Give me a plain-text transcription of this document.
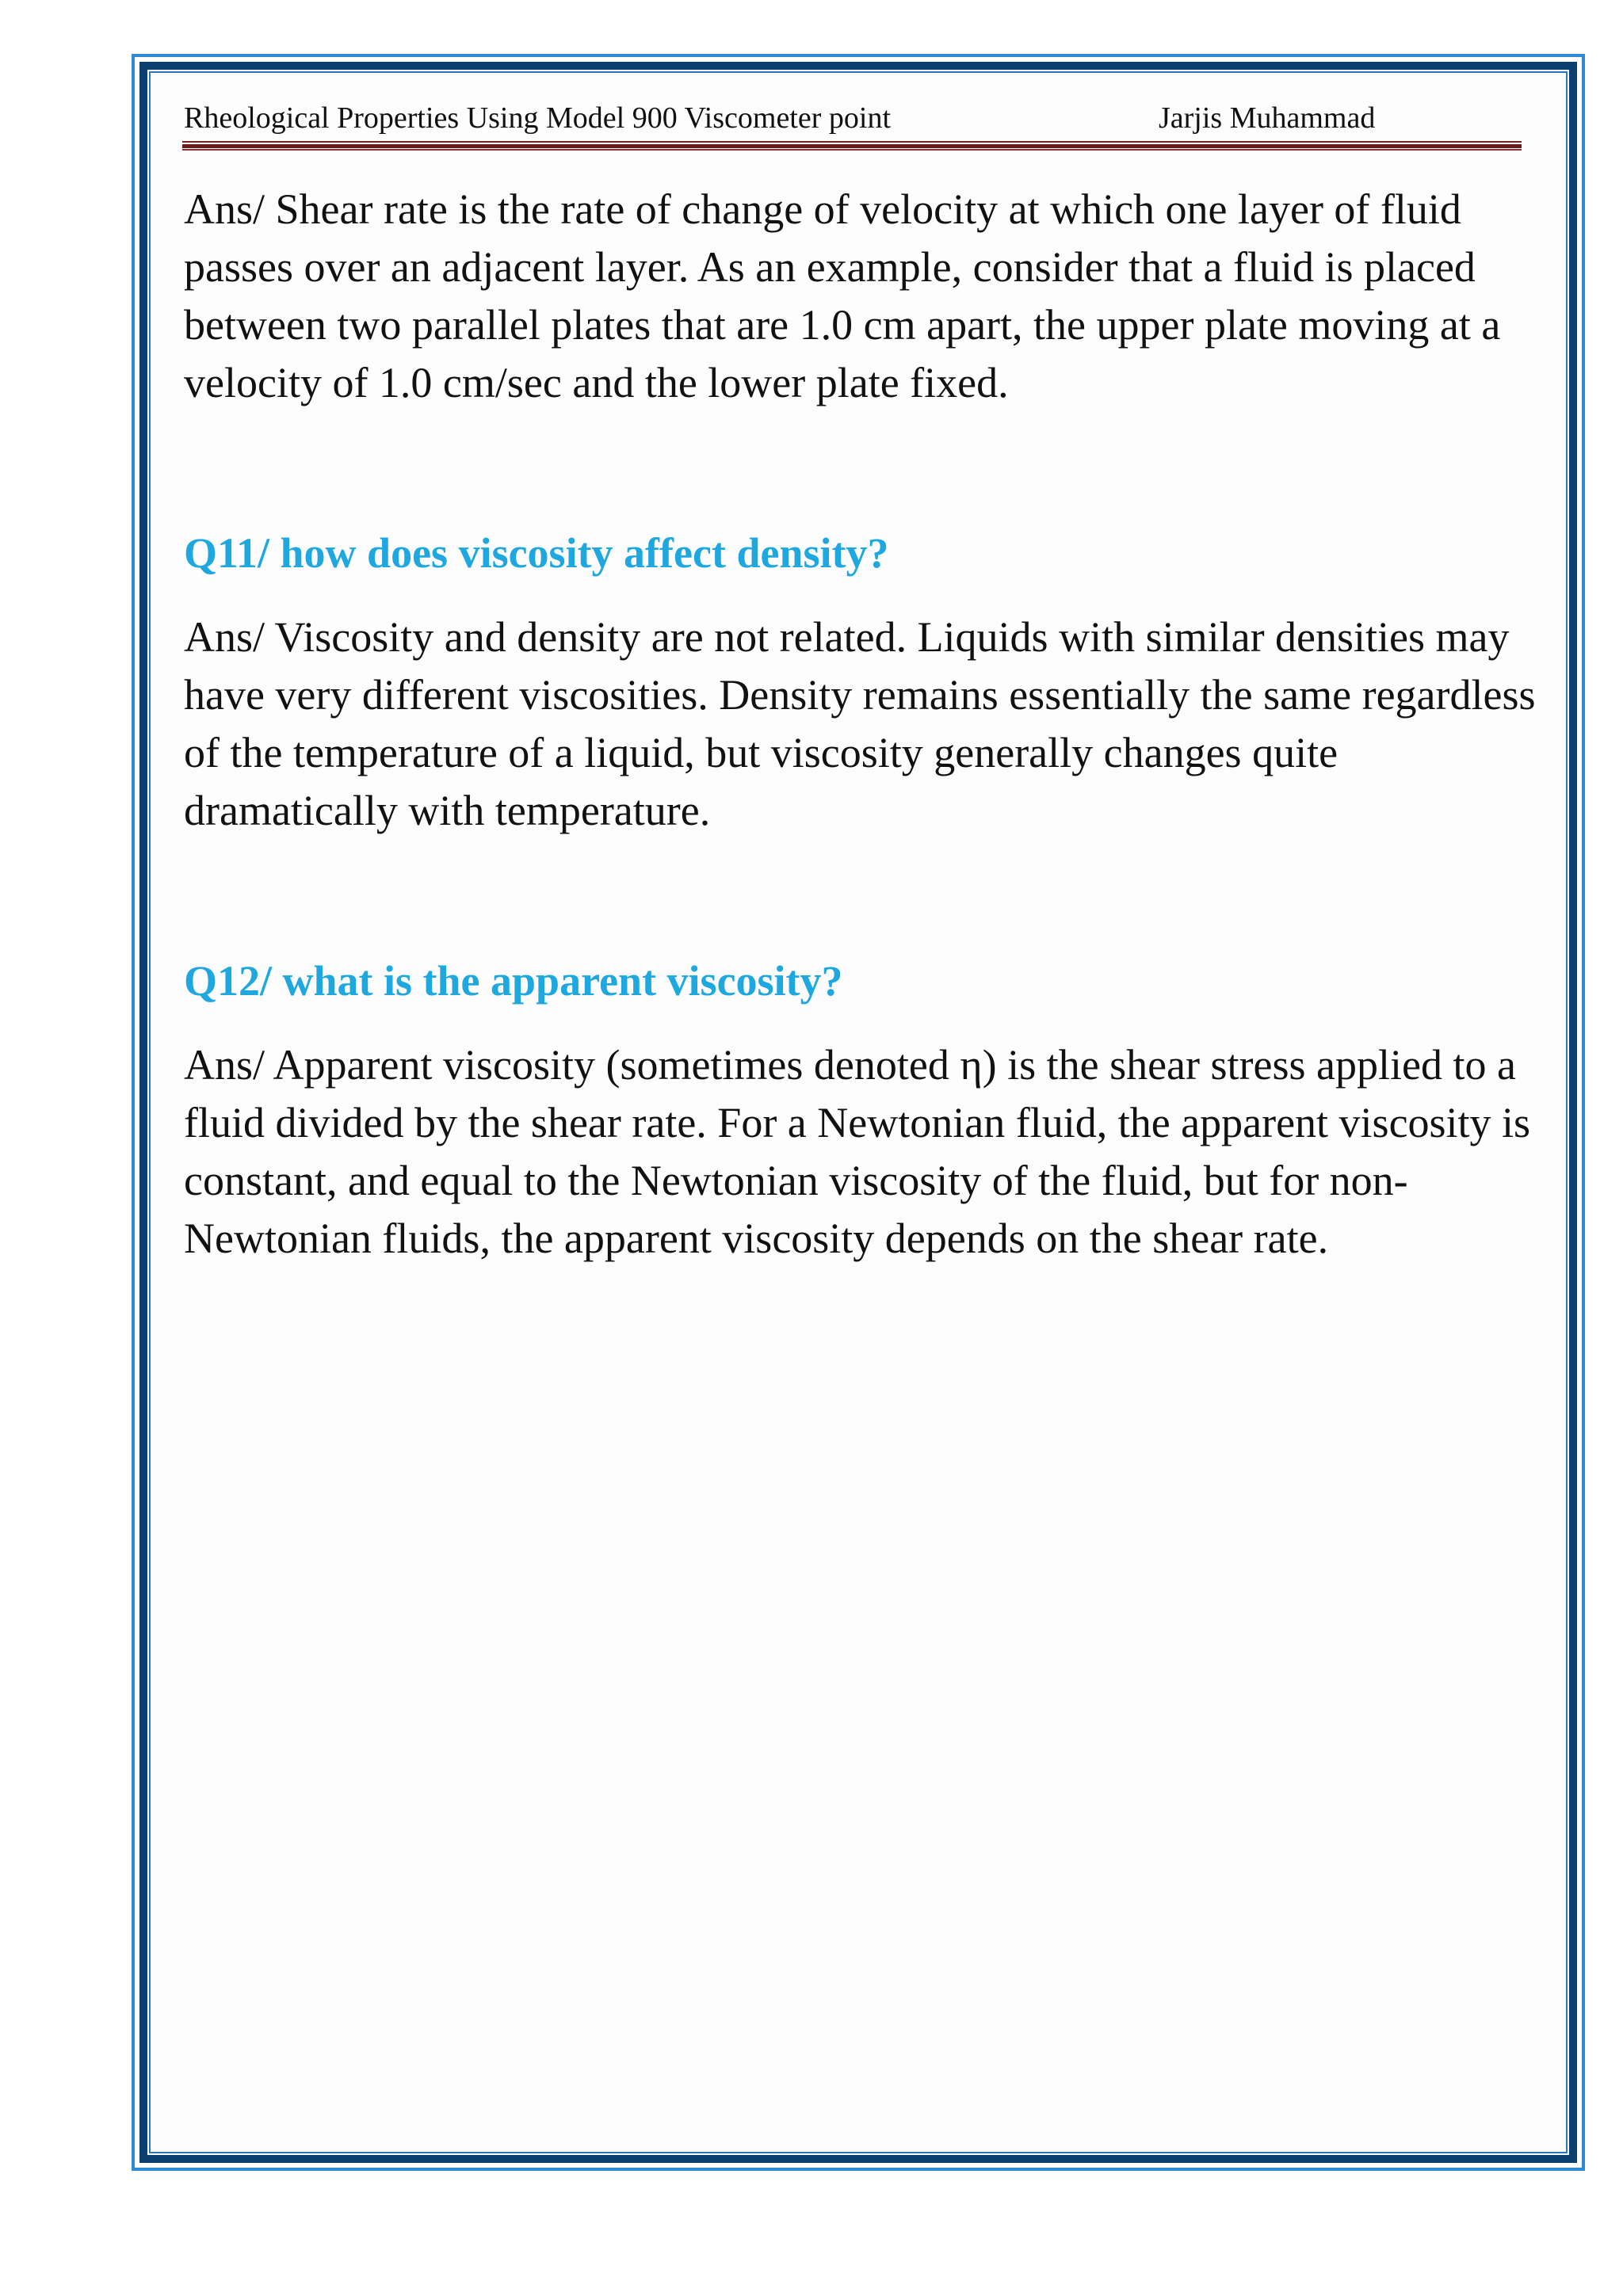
Rheological Properties Using Model 900 Viscometer point	Jarjis Muhammad

Ans/ Shear rate is the rate of change of velocity at which one layer of fluid passes over an adjacent layer. As an example, consider that a fluid is placed between two parallel plates that are 1.0 cm apart, the upper plate moving at a velocity of 1.0 cm/sec and the lower plate fixed.

Q11/ how does viscosity affect density?

Ans/ Viscosity and density are not related. Liquids with similar densities may have very different viscosities. Density remains essentially the same regardless of the temperature of a liquid, but viscosity generally changes quite dramatically with temperature.

Q12/ what is the apparent viscosity?

Ans/ Apparent viscosity (sometimes denoted η) is the shear stress applied to a fluid divided by the shear rate. For a Newtonian fluid, the apparent viscosity is constant, and equal to the Newtonian viscosity of the fluid, but for non-Newtonian fluids, the apparent viscosity depends on the shear rate.
